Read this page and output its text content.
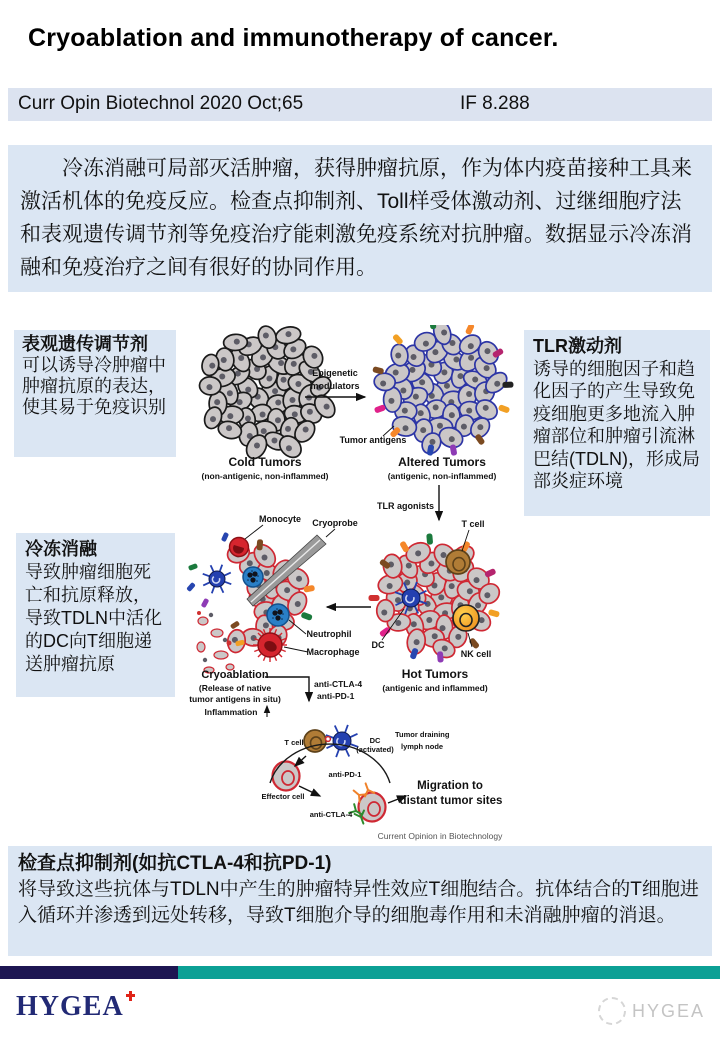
Cryoablation and immunotherapy of cancer.
Curr Opin Biotechnol 2020 Oct;65	IF 8.288

冷冻消融可局部灭活肿瘤，获得肿瘤抗原，作为体内疫苗接种工具来激活机体的免疫反应。检查点抑制剂、Toll样受体激动剂、过继细胞疗法和表观遗传调节剂等免疫治疗能刺激免疫系统对抗肿瘤。数据显示冷冻消融和免疫治疗之间有很好的协同作用。

表观遗传调节剂
可以诱导冷肿瘤中肿瘤抗原的表达，使其易于免疫识别
TLR激动剂
诱导的细胞因子和趋化因子的产生导致免疫细胞更多地流入肿瘤部位和肿瘤引流淋巴结(TDLN)，形成局部炎症环境
冷冻消融
导致肿瘤细胞死亡和抗原释放，导致TDLN中活化的DC向T细胞递送肿瘤抗原
检查点抑制剂(如抗CTLA-4和抗PD-1)
将导致这些抗体与TDLN中产生的肿瘤特异性效应T细胞结合。抗体结合的T细胞进入循环并渗透到远处转移，导致T细胞介导的细胞毒作用和未消融肿瘤的消退。
Epigenetic
modulators
Tumor antigens
Cold Tumors
(non-antigenic, non-inflammed)
Altered Tumors
(antigenic, non-inflammed)
TLR agonists
T cell
Monocyte Cryoprobe
Neutrophil
Macrophage
DC
NK cell
Hot Tumors
(antigenic and inflammed)
Cryoablation
(Release of native
tumor antigens in situ)
Inflammation
anti-CTLA-4
anti-PD-1
T cell	DC
(activated)
Tumor draining
lymph node
Effector cell
anti-PD-1
anti-CTLA-4
Migration to
distant tumor sites
Current Opinion in Biotechnology
HYGEA	HYGEA
